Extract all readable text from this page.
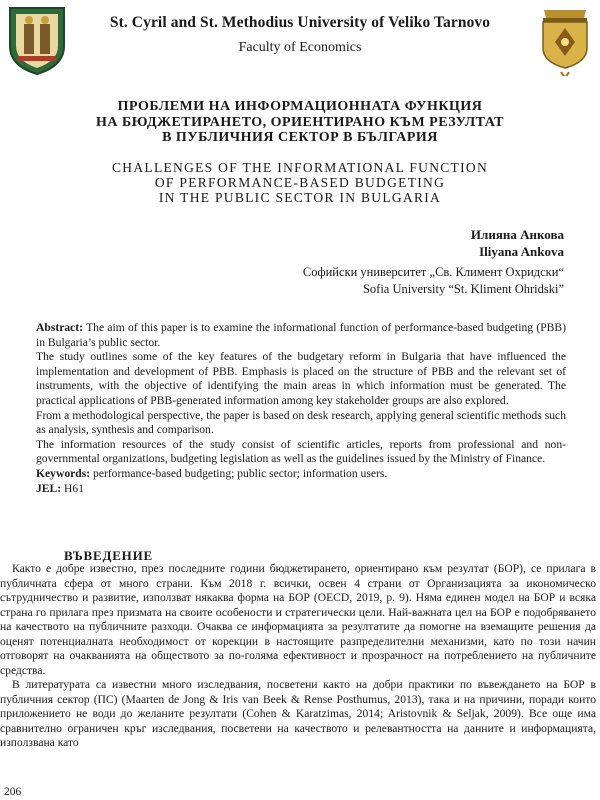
St. Cyril and St. Methodius University of Veliko Tarnovo
Faculty of Economics
ПРОБЛЕМИ НА ИНФОРМАЦИОННАТА ФУНКЦИЯ
НА БЮДЖЕТИРАНЕТО, ОРИЕНТИРАНО КЪМ РЕЗУЛТАТ
В ПУБЛИЧНИЯ СЕКТОР В БЪЛГАРИЯ
CHALLENGES OF THE INFORMATIONAL FUNCTION
OF PERFORMANCE-BASED BUDGETING
IN THE PUBLIC SECTOR IN BULGARIA
Илияна Анкова
Iliyana Ankova
Софийски университет „Св. Климент Охридски“
Sofia University “St. Kliment Ohridski”

Abstract: The aim of this paper is to examine the informational function of performance-based budgeting (PBB) in Bulgaria’s public sector.

The study outlines some of the key features of the budgetary reform in Bulgaria that have influenced the implementation and development of PBB. Emphasis is placed on the structure of PBB and the relevant set of instruments, with the objective of identifying the main areas in which information must be generated. The practical applications of PBB-generated information among key stakeholder groups are also explored.

From a methodological perspective, the paper is based on desk research, applying general scientific methods such as analysis, synthesis and comparison.

The information resources of the study consist of scientific articles, reports from professional and non-governmental organizations, budgeting legislation as well as the guidelines issued by the Ministry of Finance.

Keywords: performance-based budgeting; public sector; information users.

JEL: H61

ВЪВЕДЕНИЕ

Както е добре известно, през последните години бюджетирането, ориентирано към резултат (БОР), се прилага в публичната сфера от много страни. Към 2018 г. всички, освен 4 страни от Организацията за икономическо сътрудничество и развитие, използват някаква форма на БОР (OECD, 2019, p. 9). Няма единен модел на БОР и всяка страна го прилага през призмата на своите особености и стратегически цели. Най-важната цел на БОР е подобряването на качеството на публичните разходи. Очаква се информацията за резултатите да помогне на вземащите решения да оценят потенциалната необходимост от корекции в настоящите разпределителни механизми, като по този начин отговорят на очакванията на обществото за по-голяма ефективност и прозрачност на потреблението на публичните средства.

В литературата са известни много изследвания, посветени както на добри практики по въвеждането на БОР в публичния сектор (ПС) (Maarten de Jong & Iris van Beek & Rense Posthumus, 2013), така и на причини, поради които приложението не води до желаните резултати (Cohen & Karatzimas, 2014; Aristovnik & Seljak, 2009). Все още има сравнително ограничен кръг изследвания, посветени на качеството и релевантността на данните и информацията, използвана като

206
